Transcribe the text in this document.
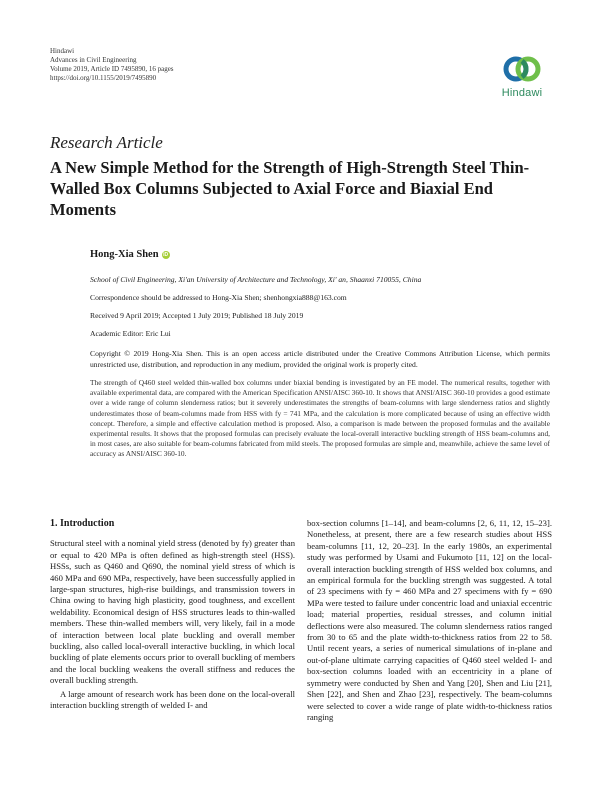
Hindawi
Advances in Civil Engineering
Volume 2019, Article ID 7495890, 16 pages
https://doi.org/10.1155/2019/7495890
Hindawi
Research Article
A New Simple Method for the Strength of High-Strength Steel Thin-Walled Box Columns Subjected to Axial Force and Biaxial End Moments
Hong-Xia Shen iD
School of Civil Engineering, Xi'an University of Architecture and Technology, Xi' an, Shaanxi 710055, China
Correspondence should be addressed to Hong-Xia Shen; shenhongxia888@163.com
Received 9 April 2019; Accepted 1 July 2019; Published 18 July 2019
Academic Editor: Eric Lui
Copyright © 2019 Hong-Xia Shen. This is an open access article distributed under the Creative Commons Attribution License, which permits unrestricted use, distribution, and reproduction in any medium, provided the original work is properly cited.
The strength of Q460 steel welded thin-walled box columns under biaxial bending is investigated by an FE model. The numerical results, together with available experimental data, are compared with the American Specification ANSI/AISC 360-10. It shows that ANSI/AISC 360-10 provides a good estimate over a wide range of column slenderness ratios; but it severely underestimates the strengths of beam-columns with large slenderness ratios and slightly underestimates those of beam-columns made from HSS with fy = 741 MPa, and the calculation is more complicated because of using an effective width concept. Therefore, a simple and effective calculation method is proposed. Also, a comparison is made between the proposed formulas and the available experimental results. It shows that the proposed formulas can precisely evaluate the local-overall interactive buckling strength of HSS beam-columns and, in most cases, are also suitable for beam-columns fabricated from mild steels. The proposed formulas are simple and, meanwhile, achieve the same level of accuracy as ANSI/AISC 360-10.
1. Introduction

Structural steel with a nominal yield stress (denoted by fy) greater than or equal to 420 MPa is often defined as high-strength steel (HSS). HSSs, such as Q460 and Q690, the nominal yield stress of which is 460 MPa and 690 MPa, respectively, have been successfully applied in large-span structures, high-rise buildings, and transmission towers in China owing to having high plasticity, good toughness, and excellent weldability. Economical design of HSS structures leads to thin-walled members. These thin-walled members will, very likely, fail in a mode of interaction between local plate buckling and overall member buckling, also called local-overall interactive buckling, in which local buckling of plate elements occurs prior to overall buckling of members and the local buckling weakens the overall stiffness and reduces the overall buckling strength.

A large amount of research work has been done on the local-overall interaction buckling strength of welded I- and

box-section columns [1–14], and beam-columns [2, 6, 11, 12, 15–23]. Nonetheless, at present, there are a few research studies about HSS beam-columns [11, 12, 20–23]. In the early 1980s, an experimental study was performed by Usami and Fukumoto [11, 12] on the local-overall interaction buckling strength of HSS welded box columns, and an empirical formula for the buckling strength was suggested. A total of 23 specimens with fy = 460 MPa and 27 specimens with fy = 690 MPa were tested to failure under concentric load and uniaxial eccentric load; material properties, residual stresses, and column initial deflections were also measured. The column slenderness ratios ranged from 30 to 65 and the plate width-to-thickness ratios from 22 to 58. Until recent years, a series of numerical simulations of in-plane and out-of-plane ultimate carrying capacities of Q460 steel welded I- and box-section columns loaded with an eccentricity in a plane of symmetry were conducted by Shen and Yang [20], Shen and Liu [21], Shen [22], and Shen and Zhao [23], respectively. The beam-columns were selected to cover a wide range of plate width-to-thickness ratios ranging
